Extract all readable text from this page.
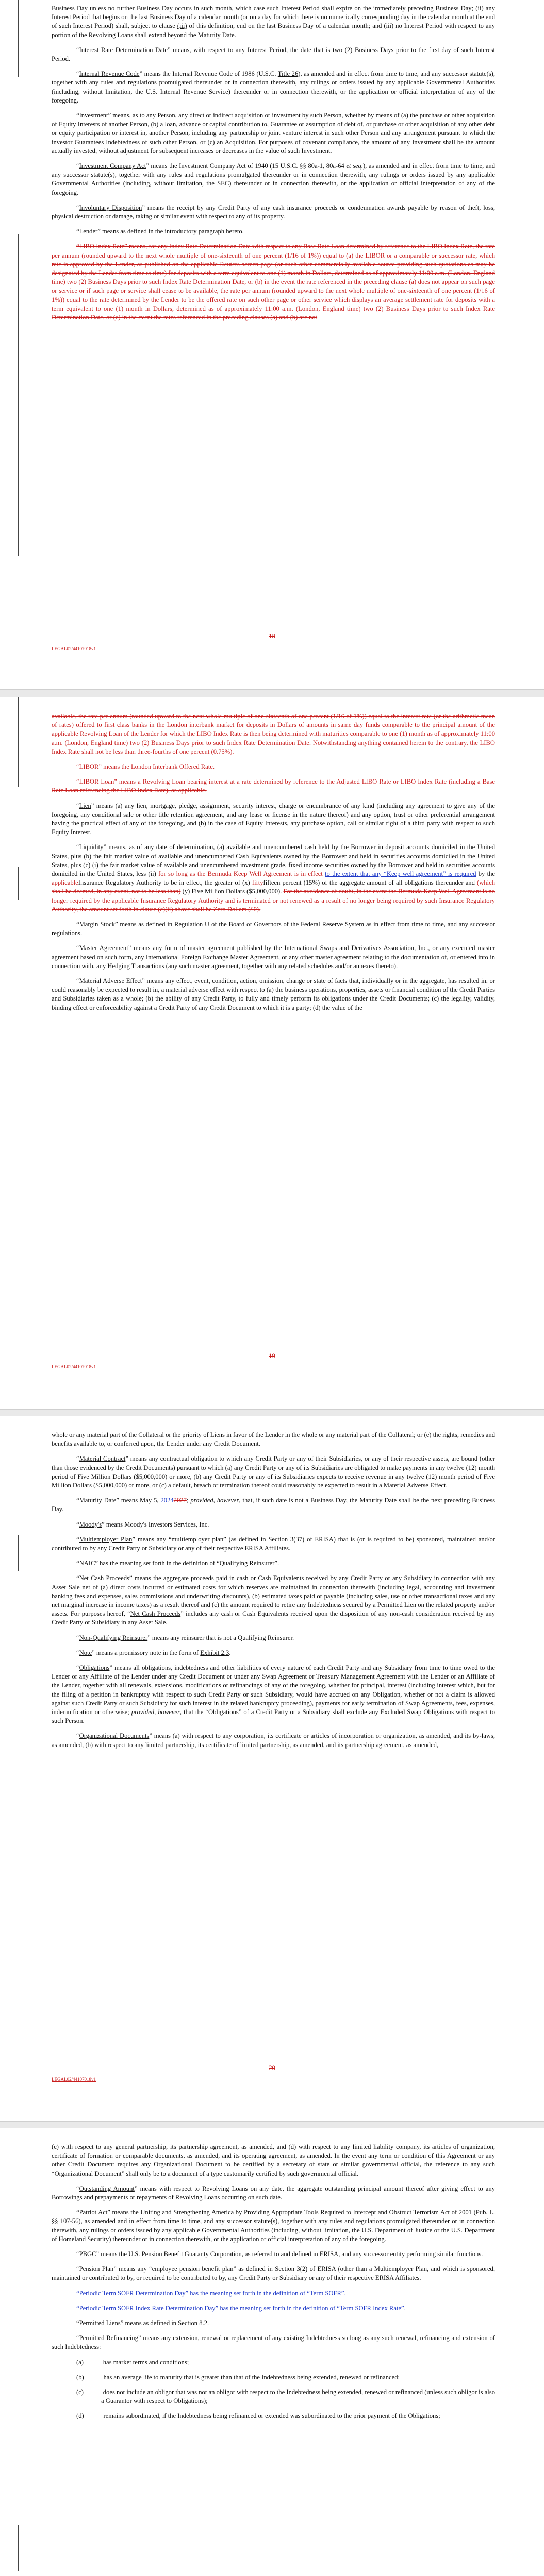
Business Day unless no further Business Day occurs in such month, which case such Interest Period shall expire on the immediately preceding Business Day; (ii) any Interest Period that begins on the last Business Day of a calendar month (or on a day for which there is no numerically corresponding day in the calendar month at the end of such Interest Period) shall, subject to clause (iii) of this definition, end on the last Business Day of a calendar month; and (iii) no Interest Period with respect to any portion of the Revolving Loans shall extend beyond the Maturity Date.

“Interest Rate Determination Date” means, with respect to any Interest Period, the date that is two (2) Business Days prior to the first day of such Interest Period.

“Internal Revenue Code” means the Internal Revenue Code of 1986 (U.S.C. Title 26), as amended and in effect from time to time, and any successor statute(s), together with any rules and regulations promulgated thereunder or in connection therewith, any rulings or orders issued by any applicable Governmental Authorities (including, without limitation, the U.S. Internal Revenue Service) thereunder or in connection therewith, or the application or official interpretation of any of the foregoing.

“Investment” means, as to any Person, any direct or indirect acquisition or investment by such Person, whether by means of (a) the purchase or other acquisition of Equity Interests of another Person, (b) a loan, advance or capital contribution to, Guarantee or assumption of debt of, or purchase or other acquisition of any other debt or equity participation or interest in, another Person, including any partnership or joint venture interest in such other Person and any arrangement pursuant to which the investor Guarantees Indebtedness of such other Person, or (c) an Acquisition. For purposes of covenant compliance, the amount of any Investment shall be the amount actually invested, without adjustment for subsequent increases or decreases in the value of such Investment.

“Investment Company Act” means the Investment Company Act of 1940 (15 U.S.C. §§ 80a-1, 80a-64 et seq.), as amended and in effect from time to time, and any successor statute(s), together with any rules and regulations promulgated thereunder or in connection therewith, any rulings or orders issued by any applicable Governmental Authorities (including, without limitation, the SEC) thereunder or in connection therewith, or the application or official interpretation of any of the foregoing.

“Involuntary Disposition” means the receipt by any Credit Party of any cash insurance proceeds or condemnation awards payable by reason of theft, loss, physical destruction or damage, taking or similar event with respect to any of its property.

“Lender” means as defined in the introductory paragraph hereto.

“LIBO Index Rate” means, for any Index Rate Determination Date with respect to any Base Rate Loan determined by reference to the LIBO Index Rate, the rate per annum (rounded upward to the next whole multiple of one-sixteenth of one percent (1/16 of 1%)) equal to (a) the LIBOR or a comparable or successor rate, which rate is approved by the Lender, as published on the applicable Reuters screen page (or such other commercially available source providing such quotations as may be designated by the Lender from time to time) for deposits with a term equivalent to one (1) month in Dollars, determined as of approximately 11:00 a.m. (London, England time) two (2) Business Days prior to such Index Rate Determination Date, or (b) in the event the rate referenced in the preceding clause (a) does not appear on such page or service or if such page or service shall cease to be available, the rate per annum (rounded upward to the next whole multiple of one-sixteenth of one percent (1/16 of 1%)) equal to the rate determined by the Lender to be the offered rate on such other page or other service which displays an average settlement rate for deposits with a term equivalent to one (1) month in Dollars, determined as of approximately 11:00 a.m. (London, England time) two (2) Business Days prior to such Index Rate Determination Date, or (c) in the event the rates referenced in the preceding clauses (a) and (b) are not

18
LEGAL02/44107018v1

available, the rate per annum (rounded upward to the next whole multiple of one-sixteenth of one percent (1/16 of 1%)) equal to the interest rate (or the arithmetic mean of rates) offered to first class banks in the London interbank market for deposits in Dollars of amounts in same day funds comparable to the principal amount of the applicable Revolving Loan of the Lender for which the LIBO Index Rate is then being determined with maturities comparable to one (1) month as of approximately 11:00 a.m. (London, England time) two (2) Business Days prior to such Index Rate Determination Date. Notwithstanding anything contained herein to the contrary, the LIBO Index Rate shall not be less than three-fourths of one percent (0.75%).

“LIBOR” means the London Interbank Offered Rate.

“LIBOR Loan” means a Revolving Loan bearing interest at a rate determined by reference to the Adjusted LIBO Rate or LIBO Index Rate (including a Base Rate Loan referencing the LIBO Index Rate), as applicable.

“Lien” means (a) any lien, mortgage, pledge, assignment, security interest, charge or encumbrance of any kind (including any agreement to give any of the foregoing, any conditional sale or other title retention agreement, and any lease or license in the nature thereof) and any option, trust or other preferential arrangement having the practical effect of any of the foregoing, and (b) in the case of Equity Interests, any purchase option, call or similar right of a third party with respect to such Equity Interest.

“Liquidity” means, as of any date of determination, (a) available and unencumbered cash held by the Borrower in deposit accounts domiciled in the United States, plus (b) the fair market value of available and unencumbered Cash Equivalents owned by the Borrower and held in securities accounts domiciled in the United States, plus (c) (i) the fair market value of available and unencumbered investment grade, fixed income securities owned by the Borrower and held in securities accounts domiciled in the United States, less (ii) for so long as the Bermuda Keep Well Agreement is in effect to the extent that any “Keep well agreement” is required by the applicableInsurance Regulatory Authority to be in effect, the greater of (x) fiftyfifteen percent (15%) of the aggregate amount of all obligations thereunder and (which shall be deemed, in any event, not to be less than) (y) Five Million Dollars ($5,000,000). For the avoidance of doubt, in the event the Bermuda Keep Well Agreement is no longer required by the applicable Insurance Regulatory Authority and is terminated or not renewed as a result of no longer being required by such Insurance Regulatory Authority, the amount set forth in clause (c)(ii) above shall be Zero Dollars ($0).

“Margin Stock” means as defined in Regulation U of the Board of Governors of the Federal Reserve System as in effect from time to time, and any successor regulations.

“Master Agreement” means any form of master agreement published by the International Swaps and Derivatives Association, Inc., or any executed master agreement based on such form, any International Foreign Exchange Master Agreement, or any other master agreement relating to the documentation of, or entered into in connection with, any Hedging Transactions (any such master agreement, together with any related schedules and/or annexes thereto).

“Material Adverse Effect” means any effect, event, condition, action, omission, change or state of facts that, individually or in the aggregate, has resulted in, or could reasonably be expected to result in, a material adverse effect with respect to (a) the business operations, properties, assets or financial condition of the Credit Parties and Subsidiaries taken as a whole; (b) the ability of any Credit Party, to fully and timely perform its obligations under the Credit Documents; (c) the legality, validity, binding effect or enforceability against a Credit Party of any Credit Document to which it is a party; (d) the value of the

19
LEGAL02/44107018v1

whole or any material part of the Collateral or the priority of Liens in favor of the Lender in the whole or any material part of the Collateral; or (e) the rights, remedies and benefits available to, or conferred upon, the Lender under any Credit Document.

“Material Contract” means any contractual obligation to which any Credit Party or any of their Subsidiaries, or any of their respective assets, are bound (other than those evidenced by the Credit Documents) pursuant to which (a) any Credit Party or any of its Subsidiaries are obligated to make payments in any twelve (12) month period of Five Million Dollars ($5,000,000) or more, (b) any Credit Party or any of its Subsidiaries expects to receive revenue in any twelve (12) month period of Five Million Dollars ($5,000,000) or more, or (c) a default, breach or termination thereof could reasonably be expected to result in a Material Adverse Effect.

“Maturity Date” means May 5, 20242027; provided, however, that, if such date is not a Business Day, the Maturity Date shall be the next preceding Business Day.

“Moody's” means Moody's Investors Services, Inc.

“Multiemployer Plan” means any “multiemployer plan” (as defined in Section 3(37) of ERISA) that is (or is required to be) sponsored, maintained and/or contributed to by any Credit Party or Subsidiary or any of their respective ERISA Affiliates.

“NAIC” has the meaning set forth in the definition of “Qualifying Reinsurer”.

“Net Cash Proceeds” means the aggregate proceeds paid in cash or Cash Equivalents received by any Credit Party or any Subsidiary in connection with any Asset Sale net of (a) direct costs incurred or estimated costs for which reserves are maintained in connection therewith (including legal, accounting and investment banking fees and expenses, sales commissions and underwriting discounts), (b) estimated taxes paid or payable (including sales, use or other transactional taxes and any net marginal increase in income taxes) as a result thereof and (c) the amount required to retire any Indebtedness secured by a Permitted Lien on the related property and/or assets. For purposes hereof, “Net Cash Proceeds” includes any cash or Cash Equivalents received upon the disposition of any non-cash consideration received by any Credit Party or Subsidiary in any Asset Sale.

“Non-Qualifying Reinsurer” means any reinsurer that is not a Qualifying Reinsurer.

“Note” means a promissory note in the form of Exhibit 2.3.

“Obligations” means all obligations, indebtedness and other liabilities of every nature of each Credit Party and any Subsidiary from time to time owed to the Lender or any Affiliate of the Lender under any Credit Document or under any Swap Agreement or Treasury Management Agreement with the Lender or an Affiliate of the Lender, together with all renewals, extensions, modifications or refinancings of any of the foregoing, whether for principal, interest (including interest which, but for the filing of a petition in bankruptcy with respect to such Credit Party or such Subsidiary, would have accrued on any Obligation, whether or not a claim is allowed against such Credit Party or such Subsidiary for such interest in the related bankruptcy proceeding), payments for early termination of Swap Agreements, fees, expenses, indemnification or otherwise; provided, however, that the “Obligations” of a Credit Party or a Subsidiary shall exclude any Excluded Swap Obligations with respect to such Person.

“Organizational Documents” means (a) with respect to any corporation, its certificate or articles of incorporation or organization, as amended, and its by-laws, as amended, (b) with respect to any limited partnership, its certificate of limited partnership, as amended, and its partnership agreement, as amended,

20
LEGAL02/44107018v1

(c) with respect to any general partnership, its partnership agreement, as amended, and (d) with respect to any limited liability company, its articles of organization, certificate of formation or comparable documents, as amended, and its operating agreement, as amended. In the event any term or condition of this Agreement or any other Credit Document requires any Organizational Document to be certified by a secretary of state or similar governmental official, the reference to any such “Organizational Document” shall only be to a document of a type customarily certified by such governmental official.

“Outstanding Amount” means with respect to Revolving Loans on any date, the aggregate outstanding principal amount thereof after giving effect to any Borrowings and prepayments or repayments of Revolving Loans occurring on such date.

“Patriot Act” means the Uniting and Strengthening America by Providing Appropriate Tools Required to Intercept and Obstruct Terrorism Act of 2001 (Pub. L. §§ 107-56), as amended and in effect from time to time, and any successor statute(s), together with any rules and regulations promulgated thereunder or in connection therewith, any rulings or orders issued by any applicable Governmental Authorities (including, without limitation, the U.S. Department of Justice or the U.S. Department of Homeland Security) thereunder or in connection therewith, or the application or official interpretation of any of the foregoing.

“PBGC” means the U.S. Pension Benefit Guaranty Corporation, as referred to and defined in ERISA, and any successor entity performing similar functions.

“Pension Plan” means any “employee pension benefit plan” as defined in Section 3(2) of ERISA (other than a Multiemployer Plan, and which is sponsored, maintained or contributed to by, or required to be contributed to by, any Credit Party or Subsidiary or any of their respective ERISA Affiliates.

“Periodic Term SOFR Determination Day” has the meaning set forth in the definition of “Term SOFR”.

“Periodic Term SOFR Index Rate Determination Day” has the meaning set forth in the definition of “Term SOFR Index Rate”.

“Permitted Liens” means as defined in Section 8.2.

“Permitted Refinancing” means any extension, renewal or replacement of any existing Indebtedness so long as any such renewal, refinancing and extension of such Indebtedness:

(a)   has market terms and conditions;

(b)   has an average life to maturity that is greater than that of the Indebtedness being extended, renewed or refinanced;

(c)   does not include an obligor that was not an obligor with respect to the Indebtedness being extended, renewed or refinanced (unless such obligor is also a Guarantor with respect to Obligations);

(d)   remains subordinated, if the Indebtedness being refinanced or extended was subordinated to the prior payment of the Obligations;
